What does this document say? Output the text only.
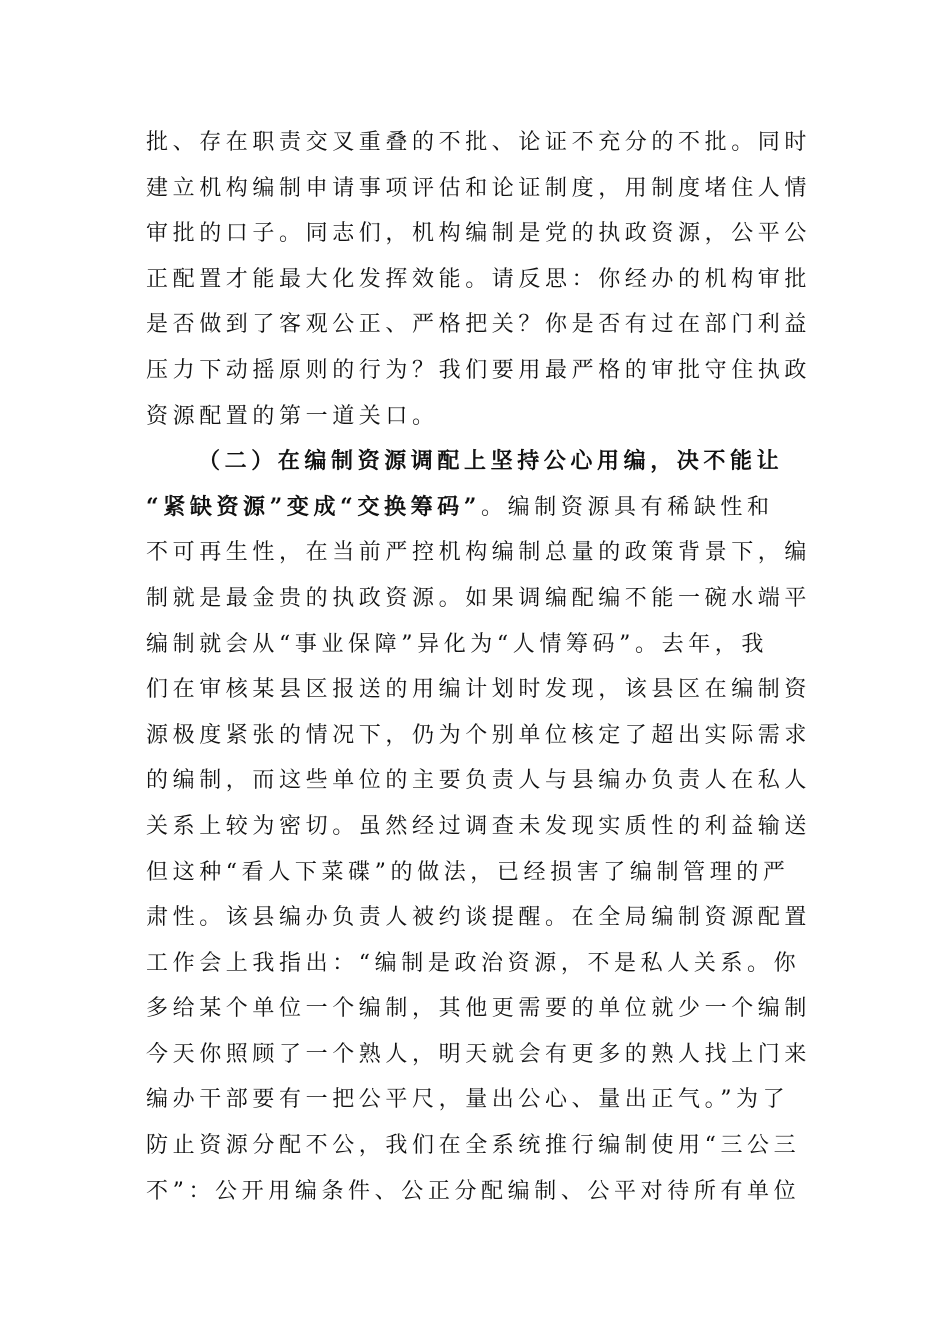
批、存在职责交叉重叠的不批、论证不充分的不批。同时
建立机构编制申请事项评估和论证制度，用制度堵住人情
审批的口子。同志们，机构编制是党的执政资源，公平公
正配置才能最大化发挥效能。请反思：你经办的机构审批
是否做到了客观公正、严格把关？你是否有过在部门利益
压力下动摇原则的行为？我们要用最严格的审批守住执政
资源配置的第一道关口。
（二）在编制资源调配上坚持公心用编，决不能让
“紧缺资源”变成“交换筹码”。编制资源具有稀缺性和
不可再生性，在当前严控机构编制总量的政策背景下，编
制就是最金贵的执政资源。如果调编配编不能一碗水端平
编制就会从“事业保障”异化为“人情筹码”。去年，我
们在审核某县区报送的用编计划时发现，该县区在编制资
源极度紧张的情况下，仍为个别单位核定了超出实际需求
的编制，而这些单位的主要负责人与县编办负责人在私人
关系上较为密切。虽然经过调查未发现实质性的利益输送
但这种“看人下菜碟”的做法，已经损害了编制管理的严
肃性。该县编办负责人被约谈提醒。在全局编制资源配置
工作会上我指出：“编制是政治资源，不是私人关系。你
多给某个单位一个编制，其他更需要的单位就少一个编制
今天你照顾了一个熟人，明天就会有更多的熟人找上门来
编办干部要有一把公平尺，量出公心、量出正气。”为了
防止资源分配不公，我们在全系统推行编制使用“三公三
不”：公开用编条件、公正分配编制、公平对待所有单位
